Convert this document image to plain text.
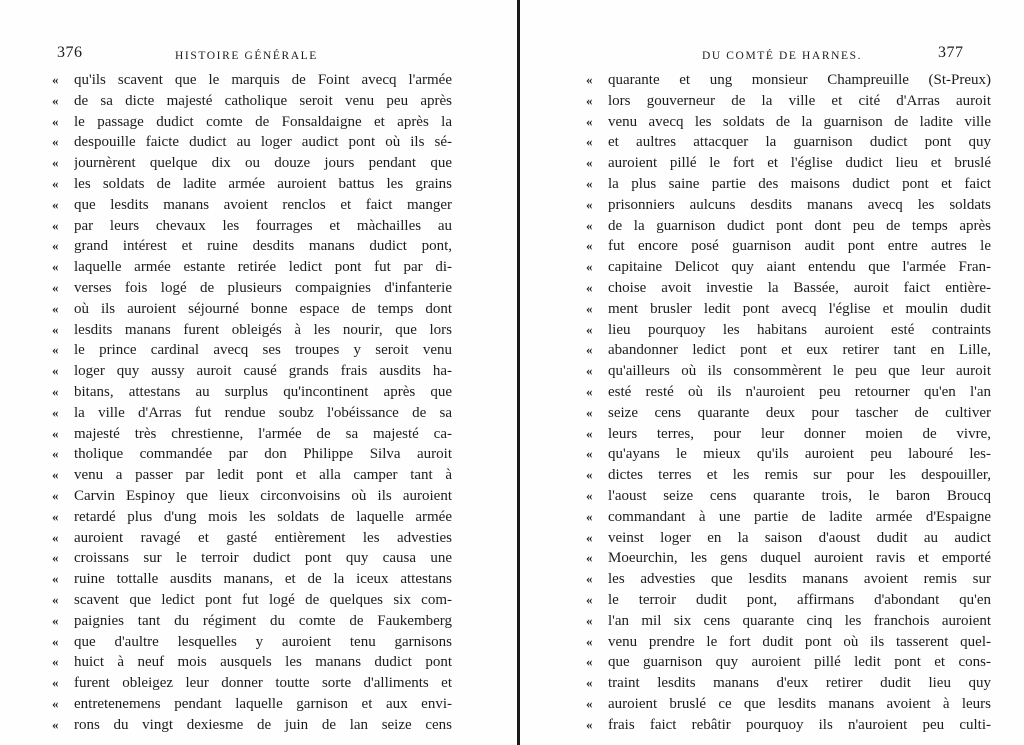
376	HISTOIRE GÉNÉRALE
«	qu'ils scavent que le marquis de Foint avecq l'armée
«	de sa dicte majesté catholique seroit venu peu après
«	le passage dudict comte de Fonsaldaigne et après la
«	despouille faicte dudict au loger audict pont où ils sé-
«	journèrent quelque dix ou douze jours pendant que
«	les soldats de ladite armée auroient battus les grains
«	que lesdits manans avoient renclos et faict manger
«	par leurs chevaux les fourrages et màchailles au
«	grand intérest et ruine desdits manans dudict pont,
«	laquelle armée estante retirée ledict pont fut par di-
«	verses fois logé de plusieurs compaignies d'infanterie
«	où ils auroient séjourné bonne espace de temps dont
«	lesdits manans furent obleigés à les nourir, que lors
«	le prince cardinal avecq ses troupes y seroit venu
«	loger quy aussy auroit causé grands frais ausdits ha-
«	bitans, attestans au surplus qu'incontinent après que
«	la ville d'Arras fut rendue soubz l'obéissance de sa
«	majesté très chrestienne, l'armée de sa majesté ca-
«	tholique commandée par don Philippe Silva auroit
«	venu a passer par ledit pont et alla camper tant à
«	Carvin Espinoy que lieux circonvoisins où ils auroient
«	retardé plus d'ung mois les soldats de laquelle armée
«	auroient ravagé et gasté entièrement les advesties
«	croissans sur le terroir dudict pont quy causa une
«	ruine tottalle ausdits manans, et de la iceux attestans
«	scavent que ledict pont fut logé de quelques six com-
«	paignies tant du régiment du comte de Faukemberg
«	que d'aultre lesquelles y auroient tenu garnisons
«	huict à neuf mois ausquels les manans dudict pont
«	furent obleigez leur donner toutte sorte d'alliments et
«	entretenemens pendant laquelle garnison et aux envi-
«	rons du vingt dexiesme de juin de lan seize cens
377
DU COMTÉ DE HARNES.
«	quarante et ung monsieur Champreuille (St-Preux)
«	lors gouverneur de la ville et cité d'Arras auroit
«	venu avecq les soldats de la guarnison de ladite ville
«	et aultres attacquer la guarnison dudict pont quy
«	auroient pillé le fort et l'église dudict lieu et bruslé
«	la plus saine partie des maisons dudict pont et faict
«	prisonniers aulcuns desdits manans avecq les soldats
«	de la guarnison dudict pont dont peu de temps après
«	fut encore posé guarnison audit pont entre autres le
«	capitaine Delicot quy aiant entendu que l'armée Fran-
«	choise avoit investie la Bassée, auroit faict entière-
«	ment brusler ledit pont avecq l'église et moulin dudit
«	lieu pourquoy les habitans auroient esté contraints
«	abandonner ledict pont et eux retirer tant en Lille,
«	qu'ailleurs où ils consommèrent le peu que leur auroit
«	esté resté où ils n'auroient peu retourner qu'en l'an
«	seize cens quarante deux pour tascher de cultiver
«	leurs terres, pour leur donner moien de vivre,
«	qu'ayans le mieux qu'ils auroient peu labouré les-
«	dictes terres et les remis sur pour les despouiller,
«	l'aoust seize cens quarante trois, le baron Broucq
«	commandant à une partie de ladite armée d'Espaigne
«	veinst loger en la saison d'aoust dudit au audict
«	Moeurchin, les gens duquel auroient ravis et emporté
«	les advesties que lesdits manans avoient remis sur
«	le terroir dudit pont, affirmans d'abondant qu'en
«	l'an mil six cens quarante cinq les franchois auroient
«	venu prendre le fort dudit pont où ils tasserent quel-
«	que guarnison quy auroient pillé ledit pont et cons-
«	traint lesdits manans d'eux retirer dudit lieu quy
«	auroient bruslé ce que lesdits manans avoient à leurs
«	frais faict rebâtir pourquoy ils n'auroient peu culti-
